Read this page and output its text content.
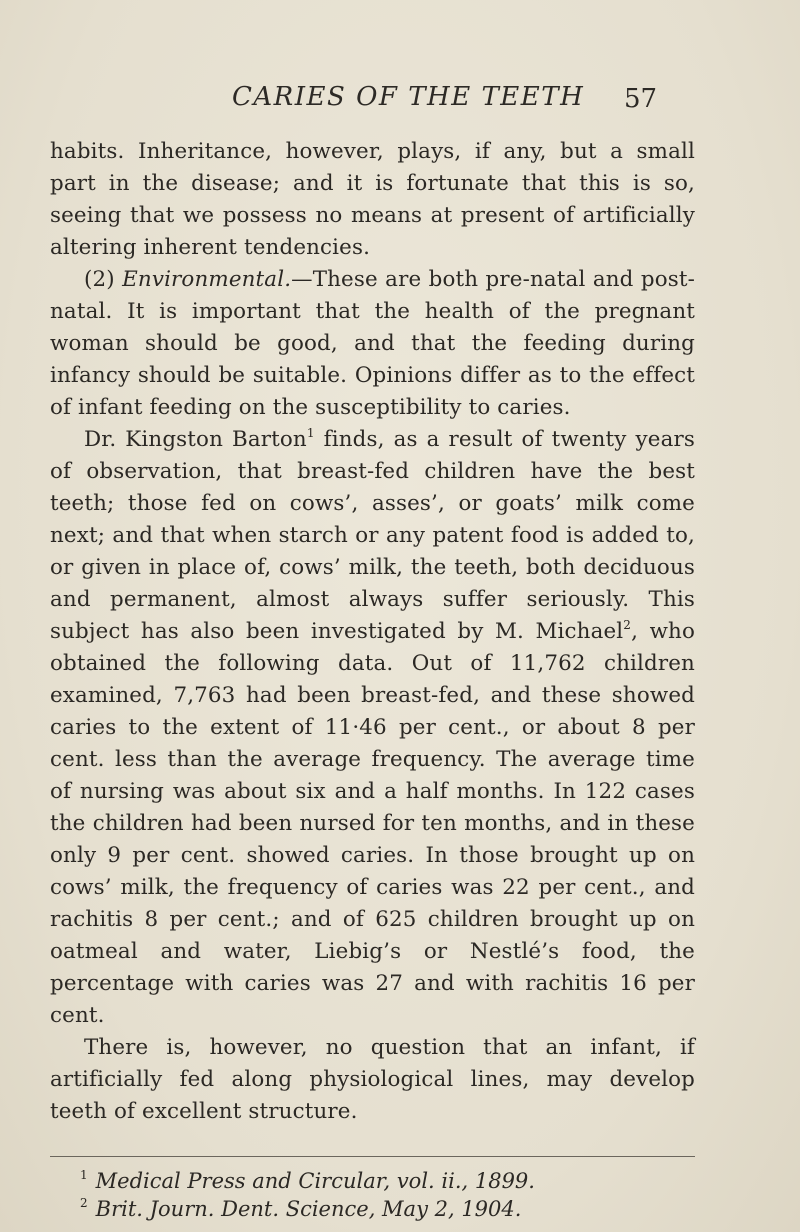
CARIES OF THE TEETH	57

habits. Inheritance, however, plays, if any, but a small part in the disease; and it is fortunate that this is so, seeing that we possess no means at present of artificially altering inherent tendencies.

(2) Environmental.—These are both pre-natal and post-natal. It is important that the health of the pregnant woman should be good, and that the feeding during infancy should be suitable. Opinions differ as to the effect of infant feeding on the susceptibility to caries.

Dr. Kingston Barton$^1$ finds, as a result of twenty years of observation, that breast-fed children have the best teeth; those fed on cows’, asses’, or goats’ milk come next; and that when starch or any patent food is added to, or given in place of, cows’ milk, the teeth, both deciduous and permanent, almost always suffer seriously. This subject has also been investigated by M. Michael$^2$, who obtained the following data. Out of 11,762 children examined, 7,763 had been breast-fed, and these showed caries to the extent of 11·46 per cent., or about 8 per cent. less than the average frequency. The average time of nursing was about six and a half months. In 122 cases the children had been nursed for ten months, and in these only 9 per cent. showed caries. In those brought up on cows’ milk, the frequency of caries was 22 per cent., and rachitis 8 per cent.; and of 625 children brought up on oatmeal and water, Liebig’s or Nestlé’s food, the percentage with caries was 27 and with rachitis 16 per cent.

There is, however, no question that an infant, if artificially fed along physiological lines, may develop teeth of excellent structure.

$^1$ Medical Press and Circular, vol. ii., 1899.

$^2$ Brit. Journ. Dent. Science, May 2, 1904.
